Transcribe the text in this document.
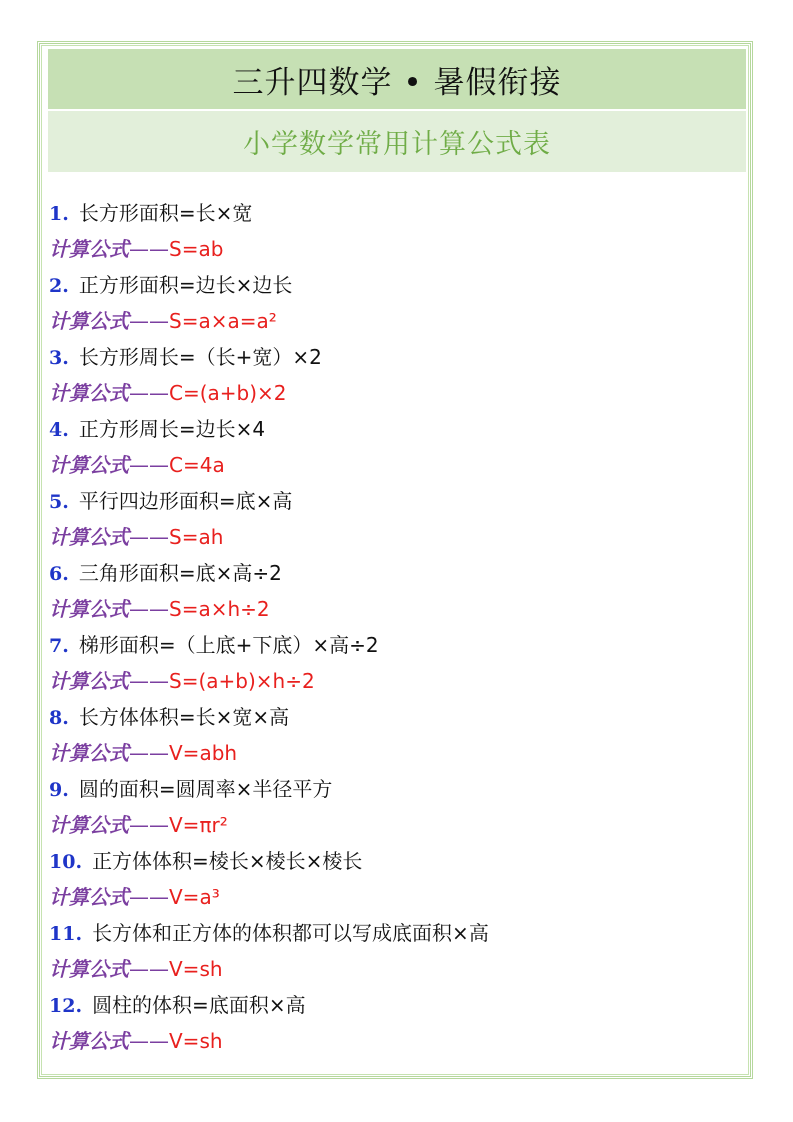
三升四数学 • 暑假衔接
小学数学常用计算公式表
1. 长方形面积=长×宽
计算公式——S=ab
2. 正方形面积=边长×边长
计算公式——S=a×a=a²
3. 长方形周长=（长+宽）×2
计算公式——C=(a+b)×2
4. 正方形周长=边长×4
计算公式——C=4a
5. 平行四边形面积=底×高
计算公式——S=ah
6. 三角形面积=底×高÷2
计算公式——S=a×h÷2
7. 梯形面积=（上底+下底）×高÷2
计算公式——S=(a+b)×h÷2
8. 长方体体积=长×宽×高
计算公式——V=abh
9. 圆的面积=圆周率×半径平方
计算公式——V=πr²
10. 正方体体积=棱长×棱长×棱长
计算公式——V=a³
11. 长方体和正方体的体积都可以写成底面积×高
计算公式——V=sh
12. 圆柱的体积=底面积×高
计算公式——V=sh
